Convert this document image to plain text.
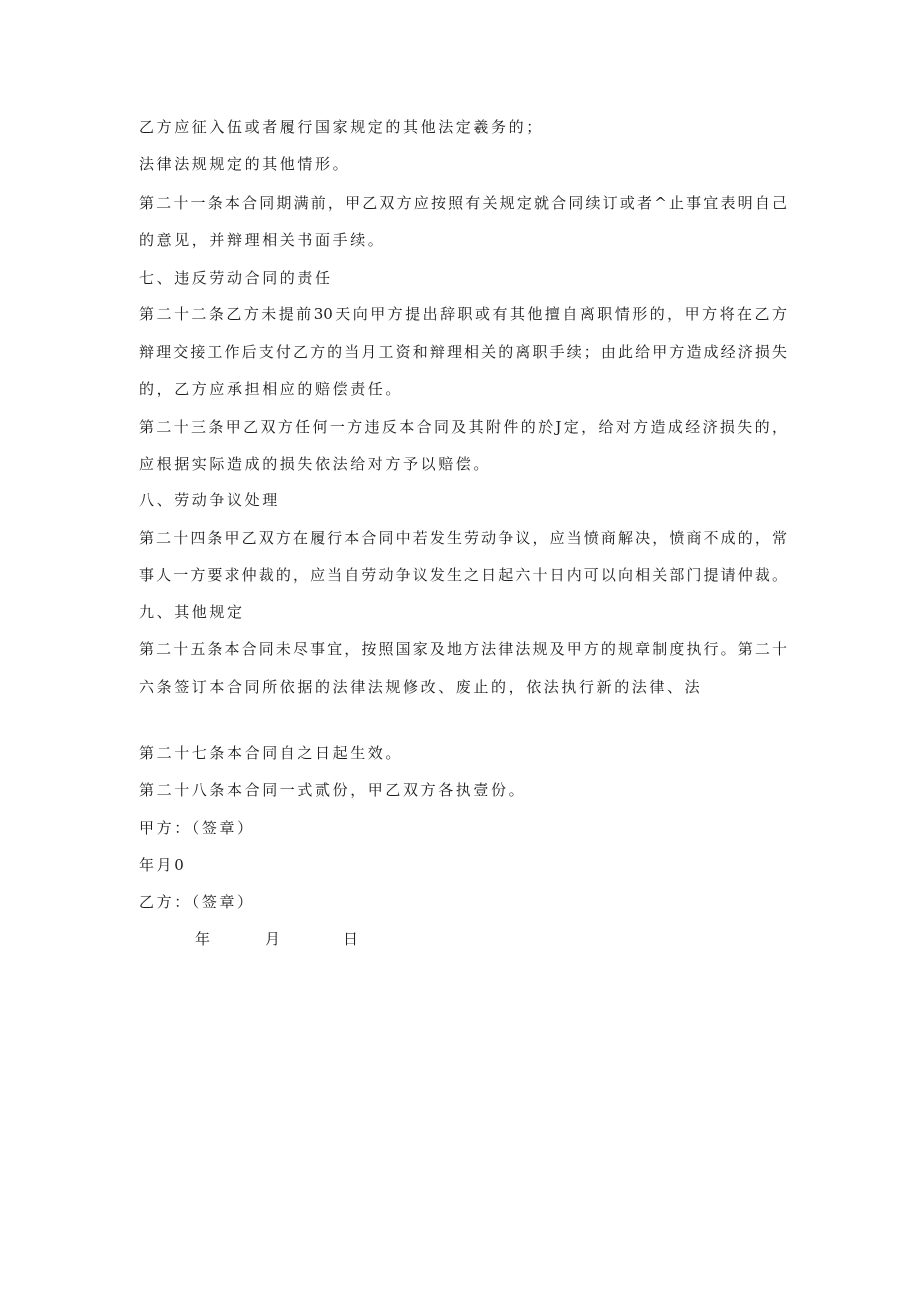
乙方应征入伍或者履行国家规定的其他法定羲务的；
法律法规规定的其他情形。
第二十一条本合同期满前，甲乙双方应按照有关规定就合同续订或者^止事宜表明自己
的意见，并辩理相关书面手续。
七、违反劳动合同的责任
第二十二条乙方未提前30天向甲方提出辞职或有其他擅自离职情形的，甲方将在乙方
辩理交接工作后支付乙方的当月工资和辩理相关的离职手续；由此给甲方造成经济损失
的，乙方应承担相应的赔偿责任。
第二十三条甲乙双方任何一方违反本合同及其附件的於J定，给对方造成经济损失的，
应根据实际造成的损失依法给对方予以赔偿。
八、劳动争议处理
第二十四条甲乙双方在履行本合同中若发生劳动争议，应当愤商解决，愤商不成的，常
事人一方要求仲裁的，应当自劳动争议发生之日起六十日内可以向相关部门提请仲裁。
九、其他规定
第二十五条本合同未尽事宜，按照国家及地方法律法规及甲方的规章制度执行。第二十
六条签订本合同所依据的法律法规修改、废止的，依法执行新的法律、法
第二十七条本合同自之日起生效。
第二十八条本合同一式贰份，甲乙双方各执壹份。
甲方：（签章）
年月0
乙方：（签章）
年	月	日
